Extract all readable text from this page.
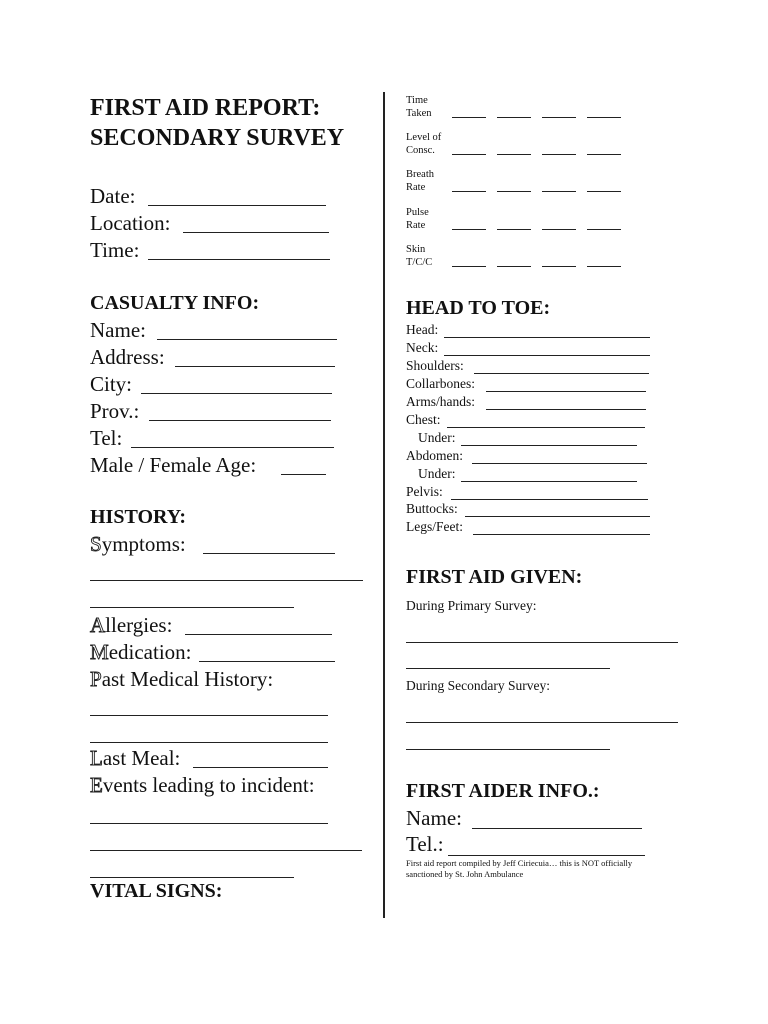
FIRST AID REPORT:
SECONDARY SURVEY
Date:
Location:
Time:
CASUALTY INFO:
Name:
Address:
City:
Prov.:
Tel:
Male / Female Age:
HISTORY:
Symptoms:
Allergies:
Medication:
Past Medical History:
Last Meal:
Events leading to incident:
VITAL SIGNS:
Time
Taken
Level of
Consc.
Breath
Rate
Pulse
Rate
Skin
T/C/C
HEAD TO TOE:
Head:
Neck:
Shoulders:
Collarbones:
Arms/hands:
Chest:
Under:
Abdomen:
Under:
Pelvis:
Buttocks:
Legs/Feet:
FIRST AID GIVEN:
During Primary Survey:
During Secondary Survey:
FIRST AIDER INFO.:
Name:
Tel.:
First aid report compiled by Jeff Ciriecuia… this is NOT officially
sanctioned by St. John Ambulance
